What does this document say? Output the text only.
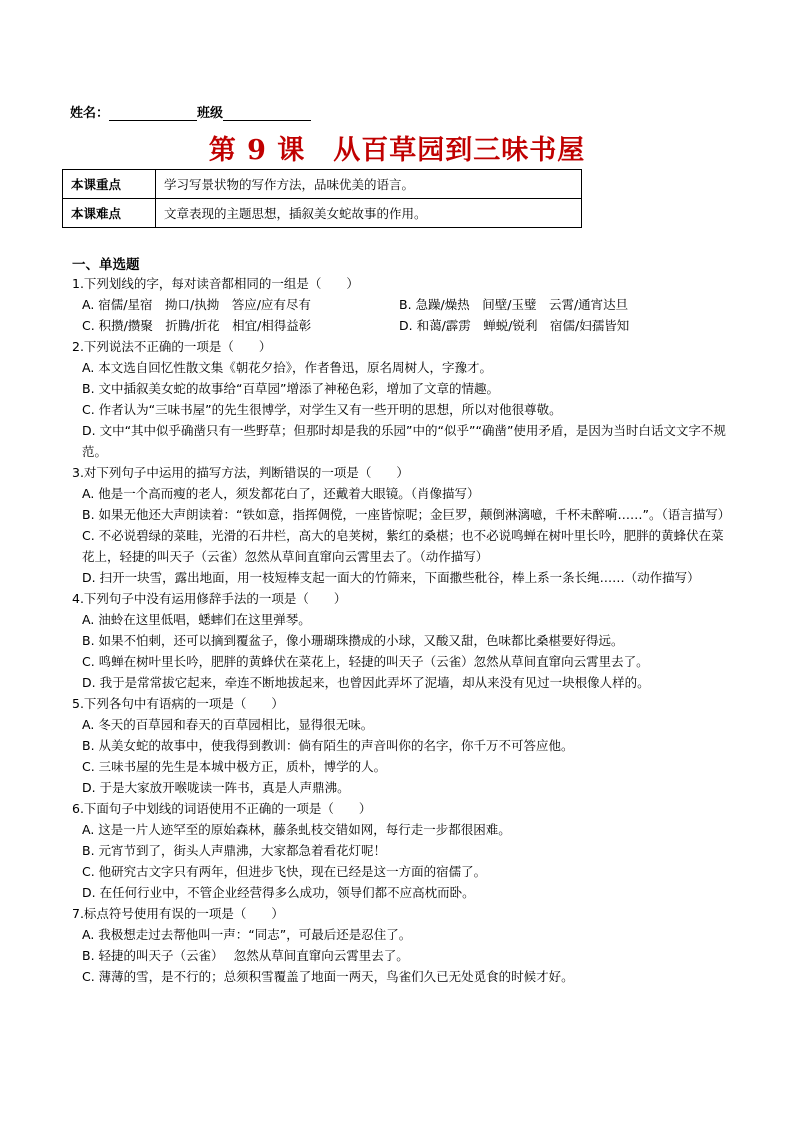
姓名：	班级
第 9 课　从百草园到三味书屋
本课重点	学习写景状物的写作方法，品味优美的语言。
本课难点	文章表现的主题思想，插叙美女蛇故事的作用。
一、单选题

1.下列划线的字，每对读音都相同的一组是（　　）

A. 宿儒/星宿　拗口/执拗　答应/应有尽有	B. 急躁/燥热　间壁/玉璧　云霄/通宵达旦
C. 积攒/攒聚　折腾/折花　相宜/相得益彰	D. 和蔼/霹雳　蝉蜕/锐利　宿儒/妇孺皆知

2.下列说法不正确的一项是（　　）

A. 本文选自回忆性散文集《朝花夕拾》，作者鲁迅，原名周树人，字豫才。

B. 文中插叙美女蛇的故事给“百草园”增添了神秘色彩，增加了文章的情趣。

C. 作者认为“三味书屋”的先生很博学，对学生又有一些开明的思想，所以对他很尊敬。

D. 文中“其中似乎确凿只有一些野草；但那时却是我的乐园”中的“似乎”“确凿”使用矛盾，是因为当时白话文文字不规范。

3.对下列句子中运用的描写方法，判断错误的一项是（　　）

A. 他是一个高而瘦的老人，须发都花白了，还戴着大眼镜。（肖像描写）

B. 如果无他还大声朗读着：“铁如意，指挥倜傥，一座皆惊呢；金巨罗，颠倒淋漓噫，千杯未醉嗬……”。（语言描写）

C. 不必说碧绿的菜畦，光滑的石井栏，高大的皂荚树，紫红的桑椹；也不必说鸣蝉在树叶里长吟，肥胖的黄蜂伏在菜花上，轻捷的叫天子（云雀）忽然从草间直窜向云霄里去了。（动作描写）

D. 扫开一块雪，露出地面，用一枝短棒支起一面大的竹筛来，下面撒些秕谷，棒上系一条长绳……（动作描写）

4.下列句子中没有运用修辞手法的一项是（　　）

A. 油蛉在这里低唱，蟋蟀们在这里弹琴。

B. 如果不怕刺，还可以摘到覆盆子，像小珊瑚珠攒成的小球，又酸又甜，色味都比桑椹要好得远。

C. 鸣蝉在树叶里长吟，肥胖的黄蜂伏在菜花上，轻捷的叫天子（云雀）忽然从草间直窜向云霄里去了。

D. 我于是常常拔它起来，牵连不断地拔起来，也曾因此弄坏了泥墙，却从来没有见过一块根像人样的。

5.下列各句中有语病的一项是（　　）

A. 冬天的百草园和春天的百草园相比，显得很无味。

B. 从美女蛇的故事中，使我得到教训：倘有陌生的声音叫你的名字，你千万不可答应他。

C. 三味书屋的先生是本城中极方正，质朴，博学的人。

D. 于是大家放开喉咙读一阵书，真是人声鼎沸。

6.下面句子中划线的词语使用不正确的一项是（　　）

A. 这是一片人迹罕至的原始森林，藤条虬枝交错如网，每行走一步都很困难。

B. 元宵节到了，街头人声鼎沸，大家都急着看花灯呢！

C. 他研究古文字只有两年，但进步飞快，现在已经是这一方面的宿儒了。

D. 在任何行业中，不管企业经营得多么成功，领导们都不应高枕而卧。

7.标点符号使用有误的一项是（　　）

A. 我极想走过去帮他叫一声：“同志”，可最后还是忍住了。

B. 轻捷的叫天子（云雀）　 忽然从草间直窜向云霄里去了。

C. 薄薄的雪，是不行的；总须积雪覆盖了地面一两天，鸟雀们久已无处觅食的时候才好。
